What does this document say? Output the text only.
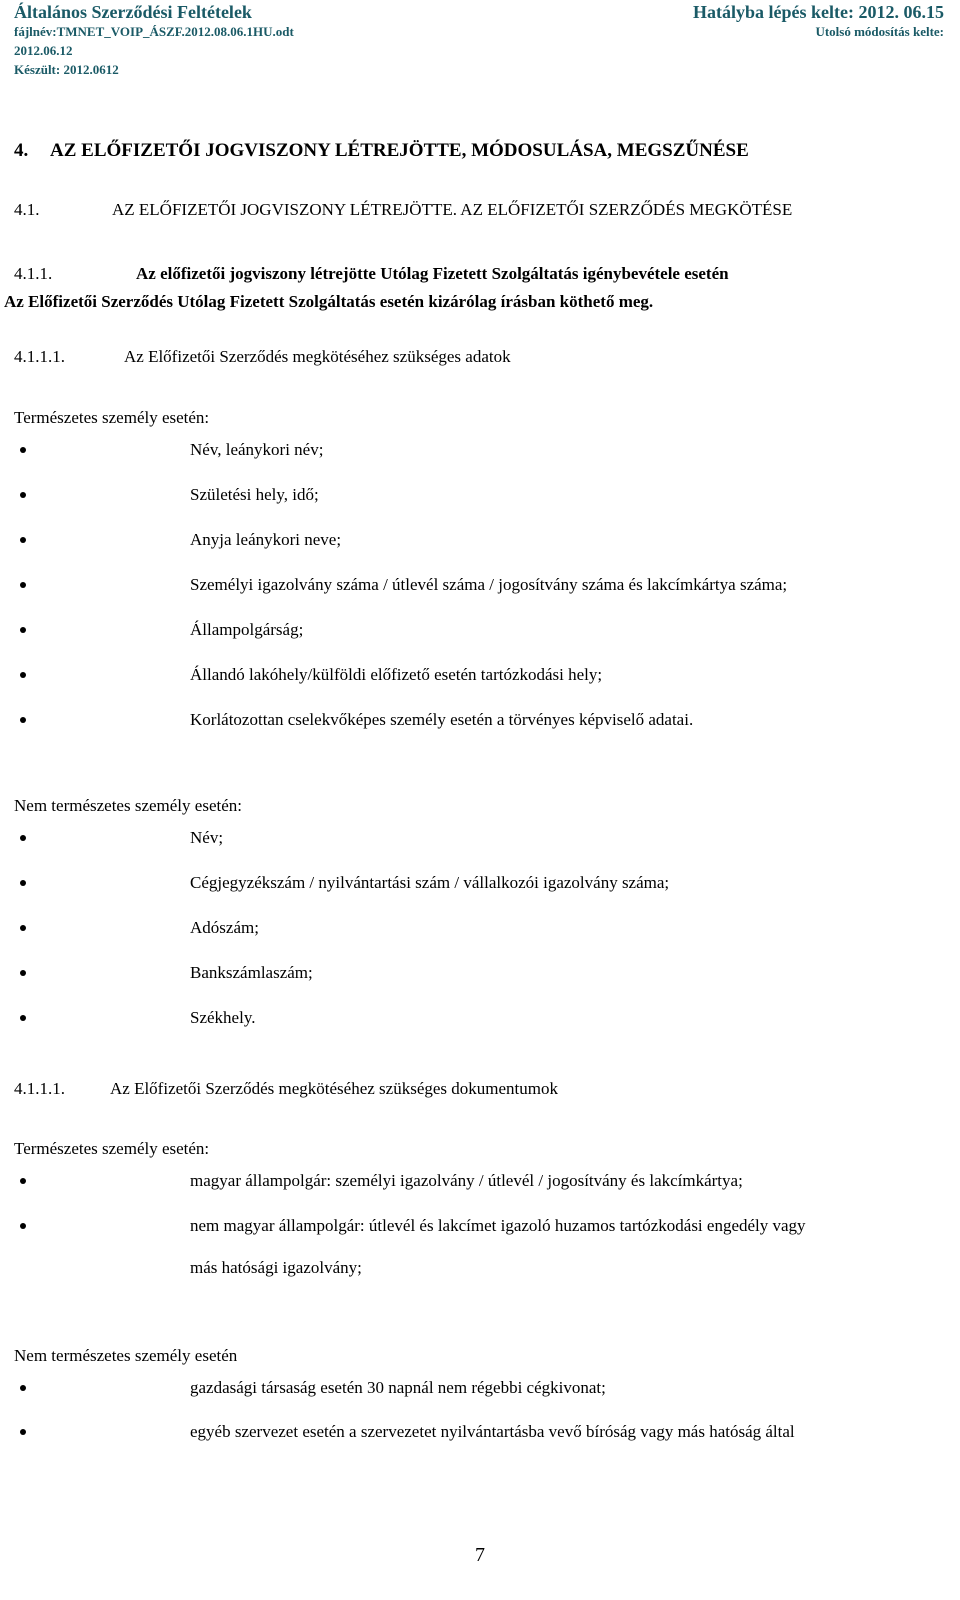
Általános Szerződési Feltételek	Hatályba lépés kelte: 2012. 06.15
fájlnév:TMNET_VOIP_ÁSZF.2012.08.06.1HU.odt	Utolsó módosítás kelte:
2012.06.12
Készült: 2012.0612
4. AZ ELŐFIZETŐI JOGVISZONY LÉTREJÖTTE, MÓDOSULÁSA, MEGSZŰNÉSE
4.1.	AZ ELŐFIZETŐI JOGVISZONY LÉTREJÖTTE. AZ ELŐFIZETŐI SZERZŐDÉS MEGKÖTÉSE
4.1.1.	Az előfizetői jogviszony létrejötte Utólag Fizetett Szolgáltatás igénybevétele esetén
Az Előfizetői Szerződés Utólag Fizetett Szolgáltatás esetén kizárólag írásban köthető meg.
4.1.1.1.	Az Előfizetői Szerződés megkötéséhez szükséges adatok
Természetes személy esetén:
Név, leánykori név;
Születési hely, idő;
Anyja leánykori neve;
Személyi igazolvány száma / útlevél száma / jogosítvány száma és lakcímkártya száma;
Állampolgárság;
Állandó lakóhely/külföldi előfizető esetén tartózkodási hely;
Korlátozottan cselekvőképes személy esetén a törvényes képviselő adatai.
Nem természetes személy esetén:
Név;
Cégjegyzékszám / nyilvántartási szám / vállalkozói igazolvány száma;
Adószám;
Bankszámlaszám;
Székhely.
4.1.1.1.	Az Előfizetői Szerződés megkötéséhez szükséges dokumentumok
Természetes személy esetén:
magyar állampolgár: személyi igazolvány / útlevél / jogosítvány és lakcímkártya;
nem magyar állampolgár: útlevél és lakcímet igazoló huzamos tartózkodási engedély vagy
más hatósági igazolvány;
Nem természetes személy esetén
gazdasági társaság esetén 30 napnál nem régebbi cégkivonat;
egyéb szervezet esetén a szervezetet nyilvántartásba vevő bíróság vagy más hatóság által
7
